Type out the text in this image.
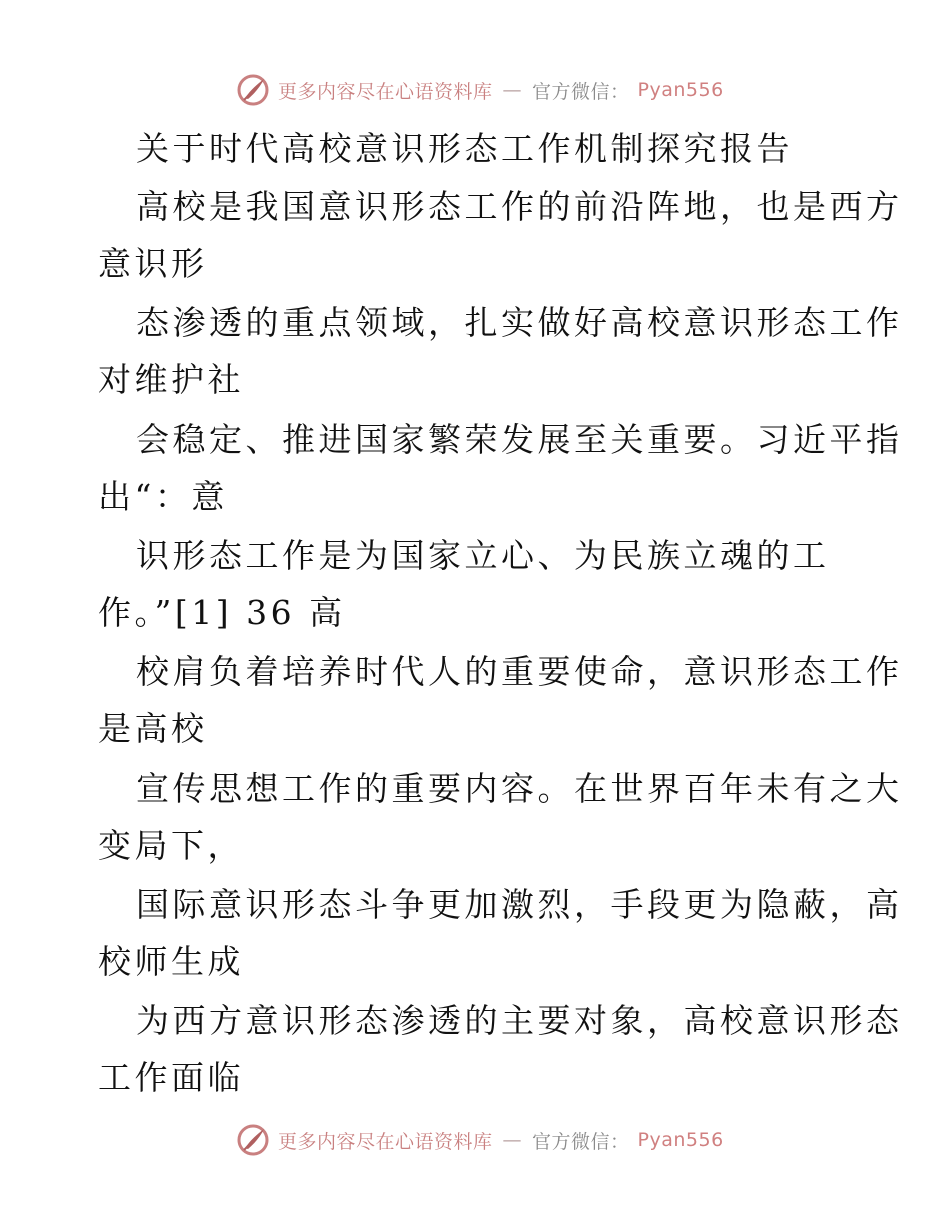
更多内容尽在心语资料库 — 官方微信： Pyan556
关于时代高校意识形态工作机制探究报告
高校是我国意识形态工作的前沿阵地，也是西方
意识形
态渗透的重点领域，扎实做好高校意识形态工作
对维护社
会稳定、推进国家繁荣发展至关重要。习近平指
出“：意
识形态工作是为国家立心、为民族立魂的工
作。”[1] 36 高
校肩负着培养时代人的重要使命，意识形态工作
是高校
宣传思想工作的重要内容。在世界百年未有之大
变局下，
国际意识形态斗争更加激烈，手段更为隐蔽，高
校师生成
为西方意识形态渗透的主要对象，高校意识形态
工作面临
更多内容尽在心语资料库 — 官方微信： Pyan556
